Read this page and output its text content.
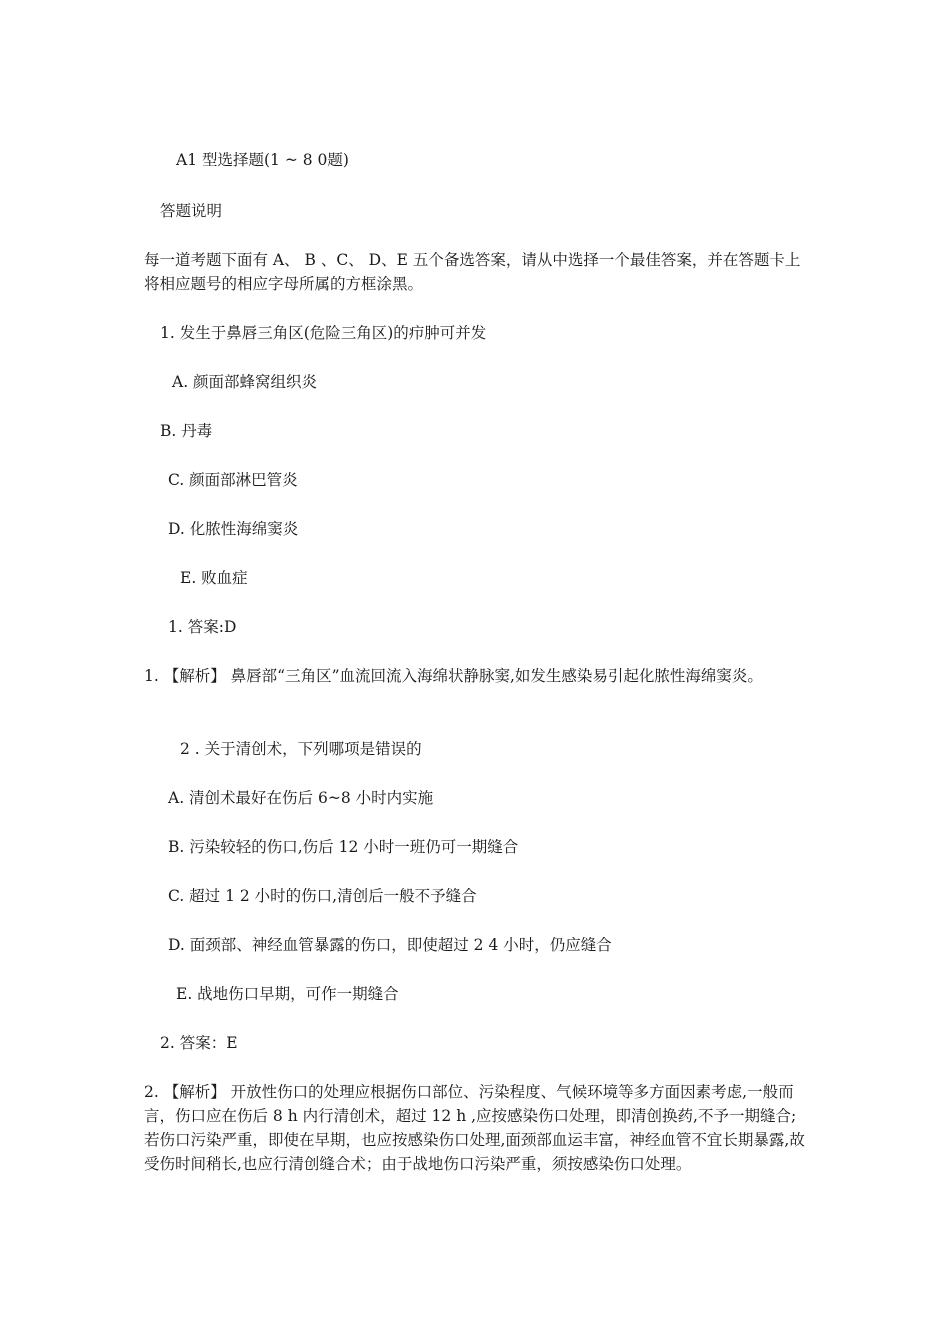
A1 型选择题(1 ~ 8 0题)
答题说明
每一道考题下面有 A、 B 、C、 D、E 五个备选答案，请从中选择一个最佳答案，并在答题卡上将相应题号的相应字母所属的方框涂黑。
1. 发生于鼻唇三角区(危险三角区)的疖肿可并发
A. 颜面部蜂窝组织炎
B. 丹毒
C. 颜面部淋巴管炎
D. 化脓性海绵窦炎
E. 败血症
1. 答案:D
1. 【解析】 鼻唇部“三角区”血流回流入海绵状静脉窦,如发生感染易引起化脓性海绵窦炎。
2 . 关于清创术，下列哪项是错误的
A. 清创术最好在伤后 6~8 小时内实施
B. 污染较轻的伤口,伤后 12 小时一班仍可一期缝合
C. 超过 1 2 小时的伤口,清创后一般不予缝合
D. 面颈部、神经血管暴露的伤口，即使超过 2 4 小时，仍应缝合
E. 战地伤口早期，可作一期缝合
2. 答案：E
2. 【解析】 开放性伤口的处理应根据伤口部位、污染程度、气候环境等多方面因素考虑,一般而言，伤口应在伤后 8 h 内行清创术，超过 12 h ,应按感染伤口处理，即清创换药,不予一期缝合;若伤口污染严重，即使在早期，也应按感染伤口处理,面颈部血运丰富，神经血管不宜长期暴露,故受伤时间稍长,也应行清创缝合术；由于战地伤口污染严重，须按感染伤口处理。
